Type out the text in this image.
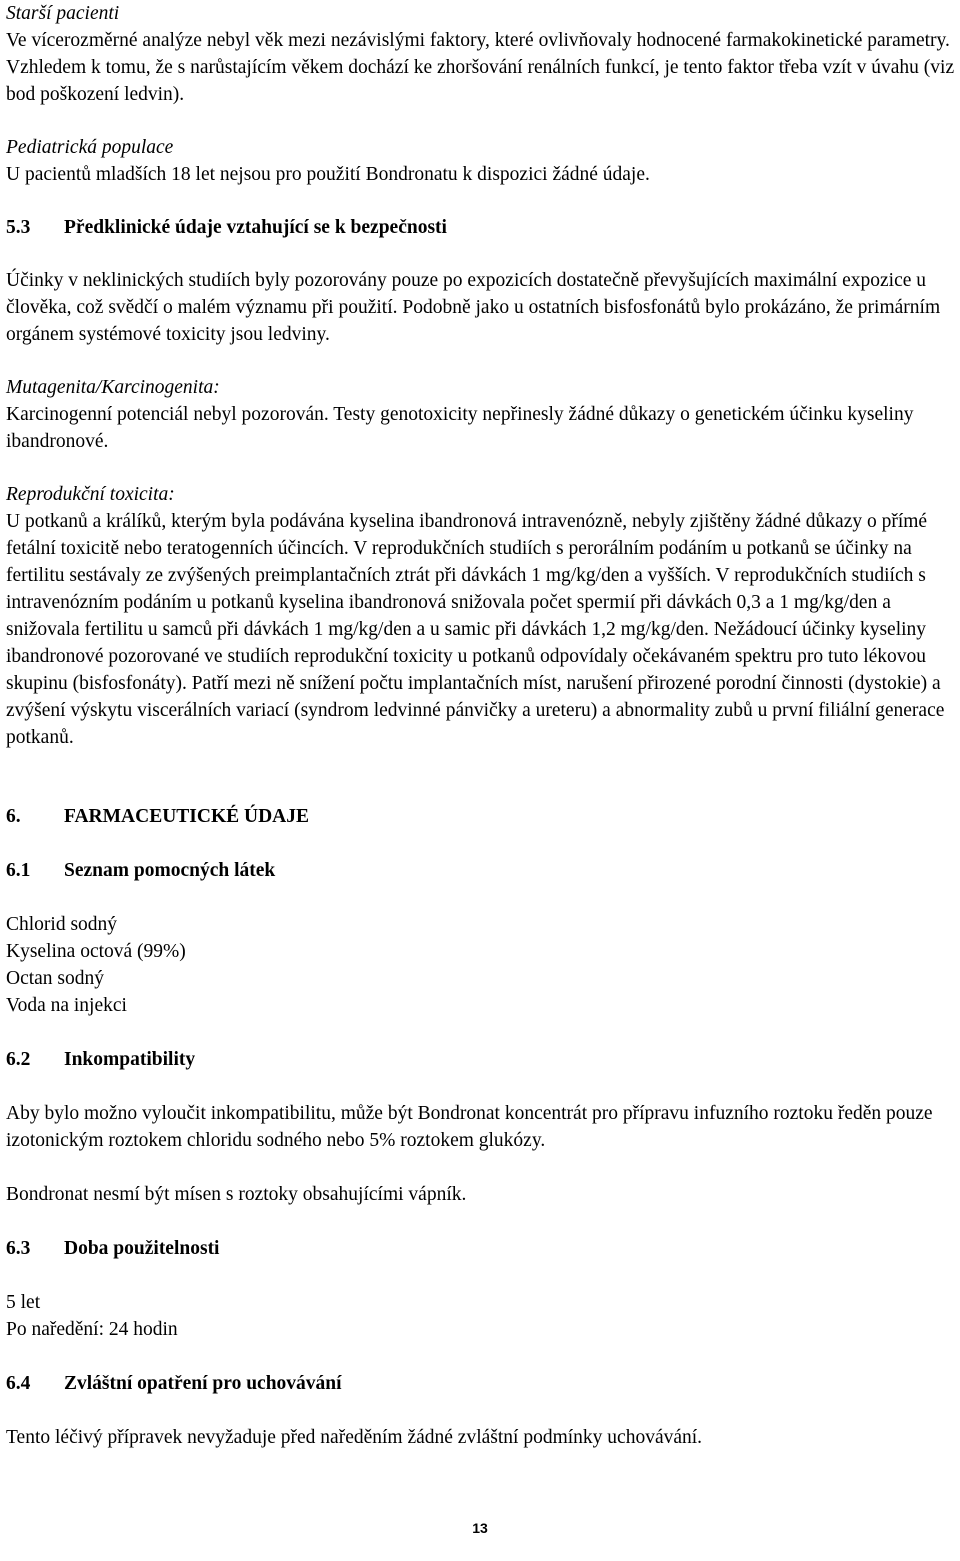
Starší pacienti

Ve vícerozměrné analýze nebyl věk mezi nezávislými faktory, které ovlivňovaly hodnocené farmakokinetické parametry. Vzhledem k tomu, že s narůstajícím věkem dochází ke zhoršování renálních funkcí, je tento faktor třeba vzít v úvahu (viz bod poškození ledvin).

Pediatrická populace

U pacientů mladších 18 let nejsou pro použití Bondronatu k dispozici žádné údaje.

5.3	Předklinické údaje vztahující se k bezpečnosti

Účinky v neklinických studiích byly pozorovány pouze po expozicích dostatečně převyšujících maximální expozice u člověka, což svědčí o malém významu při použití. Podobně jako u ostatních bisfosfonátů bylo prokázáno, že primárním orgánem systémové toxicity jsou ledviny.

Mutagenita/Karcinogenita:

Karcinogenní potenciál nebyl pozorován. Testy genotoxicity nepřinesly žádné důkazy o genetickém účinku kyseliny ibandronové.

Reprodukční toxicita:

U potkanů a králíků, kterým byla podávána kyselina ibandronová intravenózně, nebyly zjištěny žádné důkazy o přímé fetální toxicitě nebo teratogenních účincích. V reprodukčních studiích s perorálním podáním u potkanů se účinky na fertilitu sestávaly ze zvýšených preimplantačních ztrát při dávkách 1 mg/kg/den a vyšších. V reprodukčních studiích s intravenózním podáním u potkanů kyselina ibandronová snižovala počet spermií při dávkách 0,3 a 1 mg/kg/den a snižovala fertilitu u samců při dávkách 1 mg/kg/den a u samic při dávkách 1,2 mg/kg/den. Nežádoucí účinky kyseliny ibandronové pozorované ve studiích reprodukční toxicity u potkanů odpovídaly očekávaném spektru pro tuto lékovou skupinu (bisfosfonáty). Patří mezi ně snížení počtu implantačních míst, narušení přirozené porodní činnosti (dystokie) a zvýšení výskytu viscerálních variací (syndrom ledvinné pánvičky a ureteru) a abnormality zubů u první filiální generace potkanů.

6.	FARMACEUTICKÉ ÚDAJE
6.1	Seznam pomocných látek

Chlorid sodný

Kyselina octová (99%)

Octan sodný

Voda na injekci

6.2	Inkompatibility

Aby bylo možno vyloučit inkompatibilitu, může být Bondronat koncentrát pro přípravu infuzního roztoku ředěn pouze izotonickým roztokem chloridu sodného nebo 5% roztokem glukózy.

Bondronat nesmí být mísen s roztoky obsahujícími vápník.

6.3	Doba použitelnosti

5 let

Po naředění: 24 hodin

6.4	Zvláštní opatření pro uchovávání

Tento léčivý přípravek nevyžaduje před naředěním žádné zvláštní podmínky uchovávání.

13
